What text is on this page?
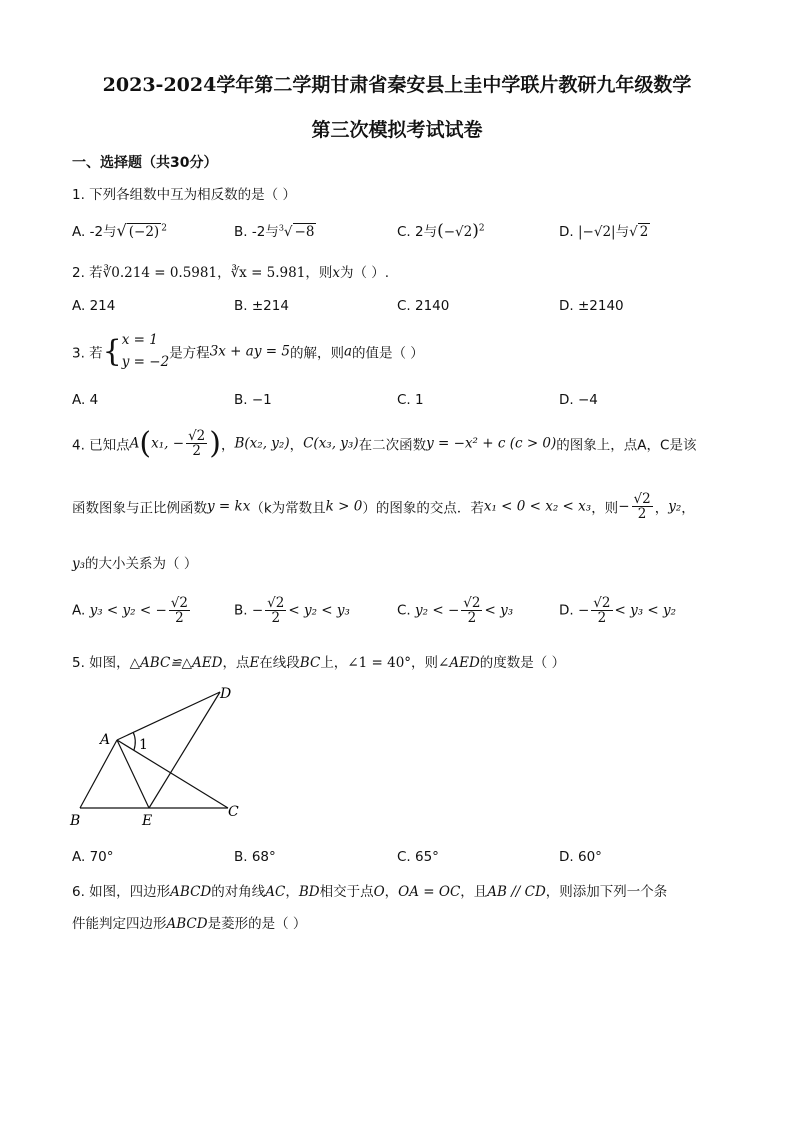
2023-2024学年第二学期甘肃省秦安县上圭中学联片教研九年级数学
第三次模拟考试试卷
一、选择题（共30分）
1. 下列各组数中互为相反数的是（ ）
A. -2与√ (−2) $^2$	B. -2与$^3$√ −8	C. 2与$(-√2)^2$	D. |−√2|与√ 2
2. 若∛0.214 = 0.5981，∛x = 5.981，则x为（ ）.
A. 214	B. ±214	C. 2140	D. ±2140
3. 若{ x = 1
y = −2 是方程3x + ay = 5的解，则a的值是（ ）
A. 4	B. −1	C. 1	D. −4
4. 已知点A(x₁, − $\frac{√2}{2}$ )，B(x₂, y₂)，C(x₃, y₃)在二次函数y = −x² + c (c > 0)的图象上，点A，C是该
函数图象与正比例函数y = kx（k为常数且k > 0）的图象的交点．若x₁ < 0 < x₂ < x₃，则− $\frac{√2}{2}$ ，y₂，
y₃的大小关系为（ ）
A. y₃ < y₂ < − $\frac{√2}{2}$	B. − $\frac{√2}{2} < y_2 < y_3$	C. y₂ < − $\frac{√2}{2} < y_3$	D. − $\frac{√2}{2} < y_3 < y_2$
5. 如图，△ABC≌△AED，点E在线段BC上，∠1 = 40°，则∠AED的度数是（ ）
A
B
C
D
E
1
A. 70°	B. 68°	C. 65°	D. 60°
6. 如图，四边形ABCD的对角线AC，BD相交于点O，OA = OC，且AB // CD，则添加下列一个条
件能判定四边形ABCD是菱形的是（ ）
